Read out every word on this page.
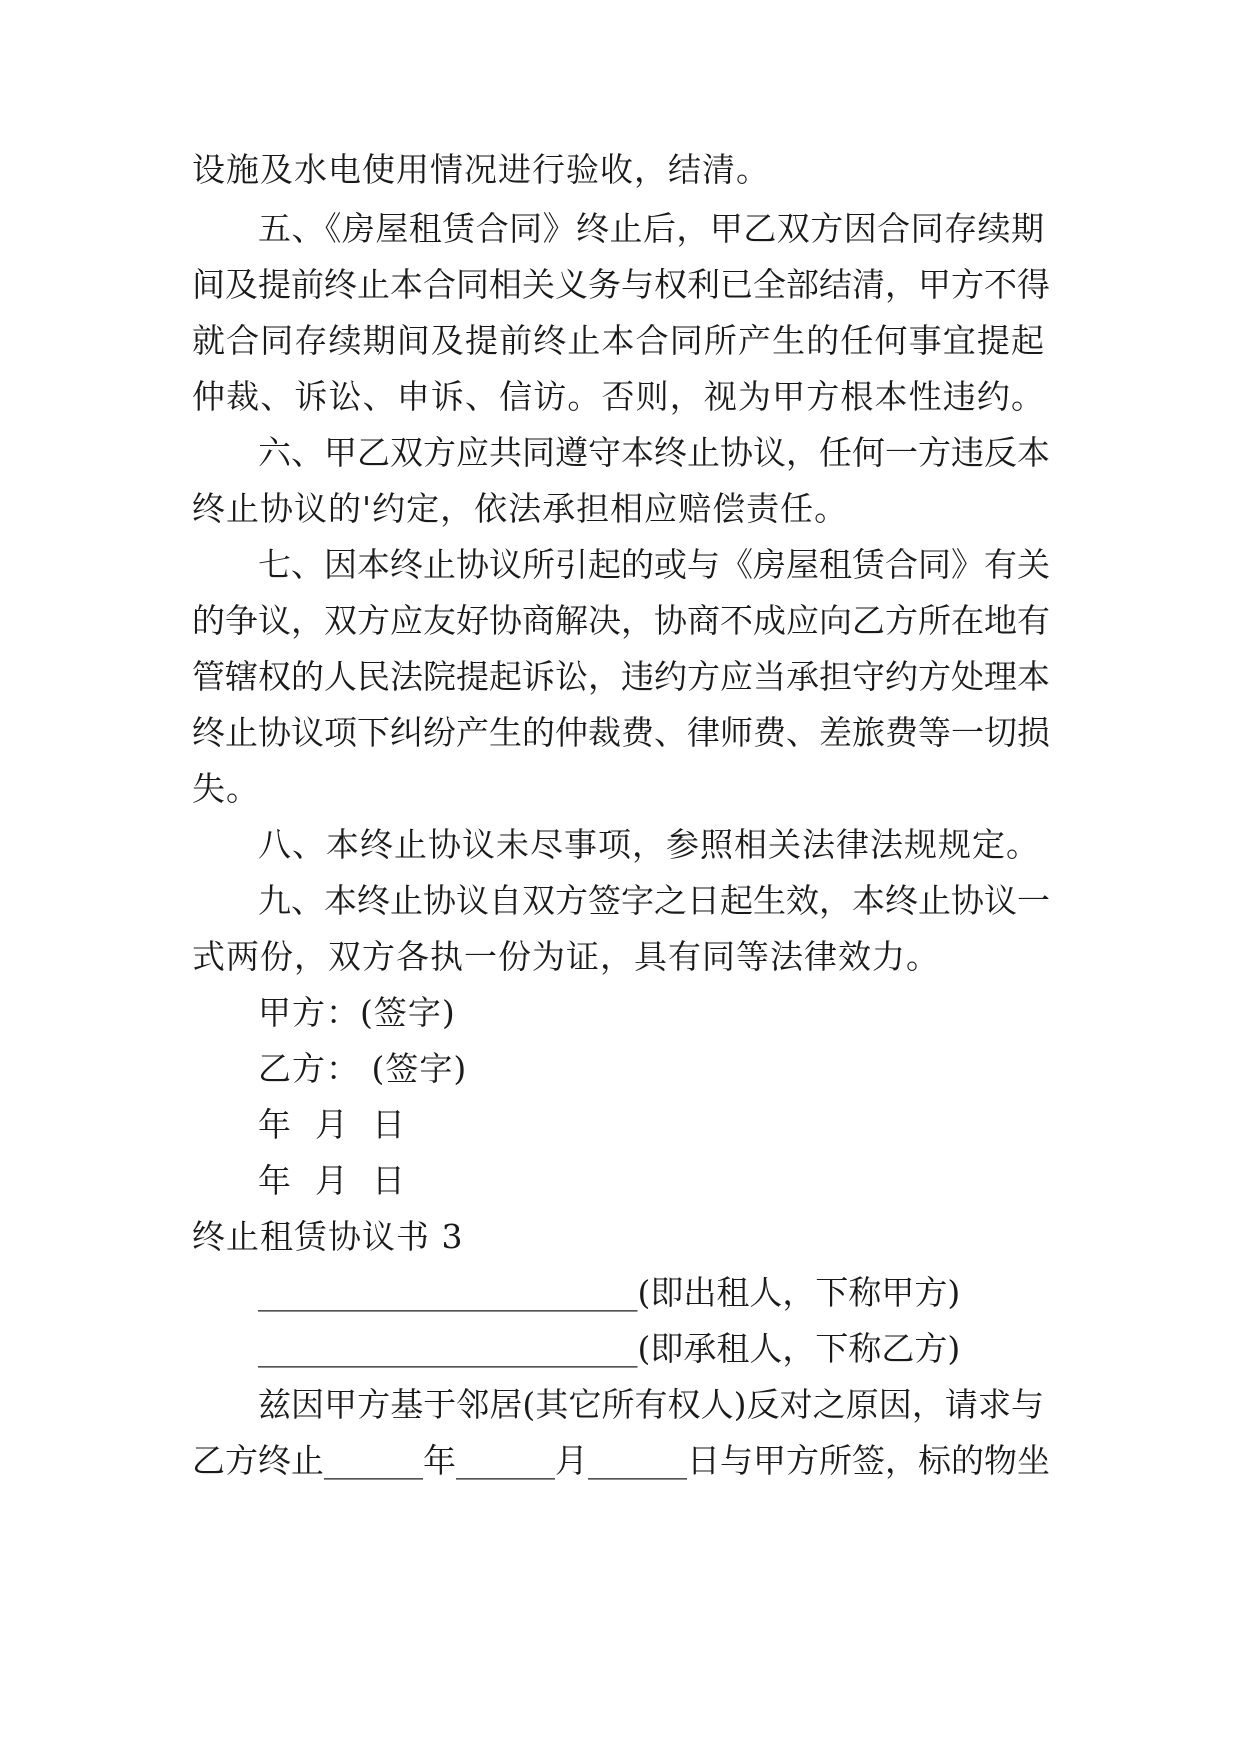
设施及水电使用情况进行验收，结清。
五、《房屋租赁合同》终止后，甲乙双方因合同存续期
间及提前终止本合同相关义务与权利已全部结清，甲方不得
就合同存续期间及提前终止本合同所产生的任何事宜提起
仲裁、诉讼、申诉、信访。否则，视为甲方根本性违约。
六、甲乙双方应共同遵守本终止协议，任何一方违反本
终止协议的'约定，依法承担相应赔偿责任。
七、因本终止协议所引起的或与《房屋租赁合同》有关
的争议，双方应友好协商解决，协商不成应向乙方所在地有
管辖权的人民法院提起诉讼，违约方应当承担守约方处理本
终止协议项下纠纷产生的仲裁费、律师费、差旅费等一切损
失。
八、本终止协议未尽事项，参照相关法律法规规定。
九、本终止协议自双方签字之日起生效，本终止协议一
式两份，双方各执一份为证，具有同等法律效力。
甲方：(签字)
乙方： (签字)
年  月  日
年  月  日
终止租赁协议书 3
_______________________(即出租人，下称甲方)
_______________________(即承租人，下称乙方)
兹因甲方基于邻居(其它所有权人)反对之原因，请求与
乙方终止______年______月______日与甲方所签，标的物坐
